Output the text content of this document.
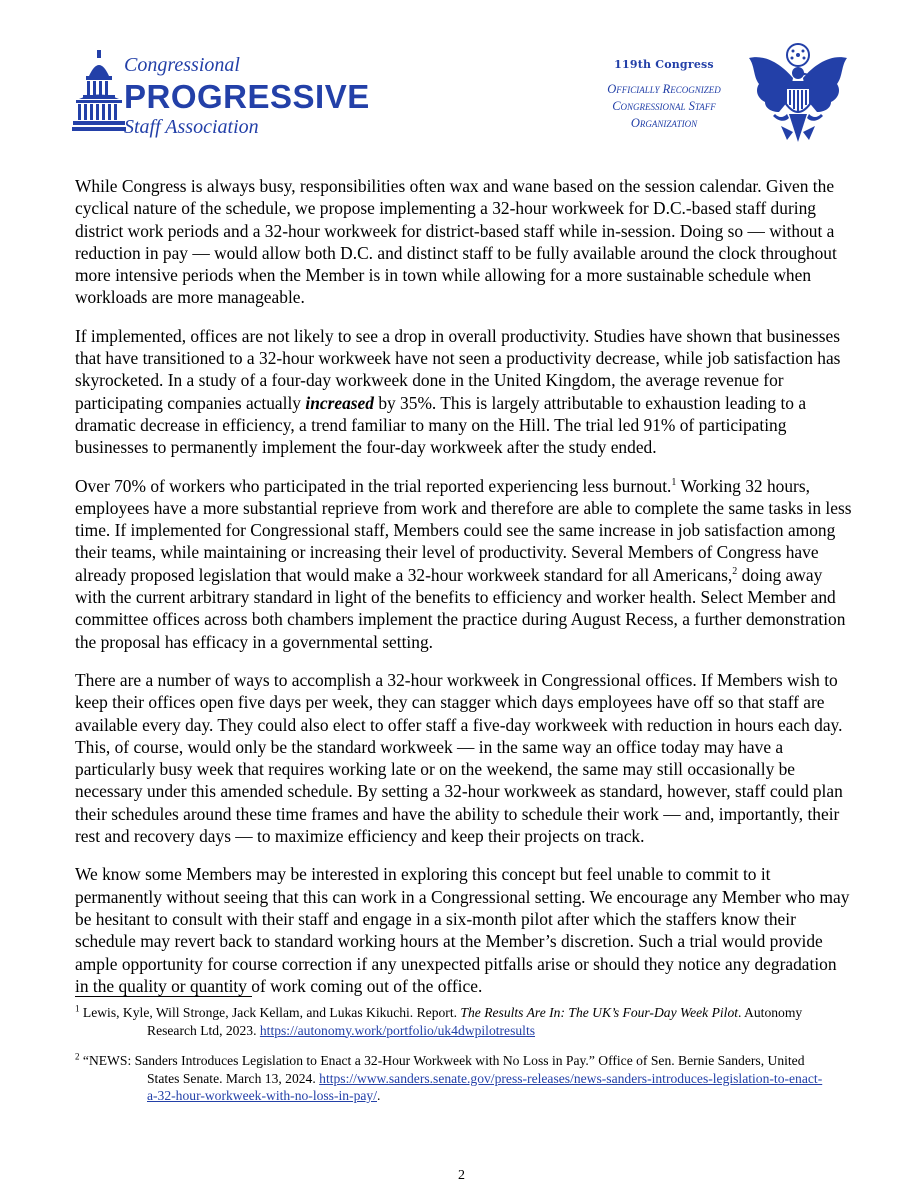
Congressional
PROGRESSIVE
Staff Association
119th Congress
Officially Recognized
Congressional Staff
Organization

While Congress is always busy, responsibilities often wax and wane based on the session calendar. Given the cyclical nature of the schedule, we propose implementing a 32-hour workweek for D.C.-based staff during district work periods and a 32-hour workweek for district-based staff while in-session. Doing so — without a reduction in pay — would allow both D.C. and distinct staff to be fully available around the clock throughout more intensive periods when the Member is in town while allowing for a more sustainable schedule when workloads are more manageable.

If implemented, offices are not likely to see a drop in overall productivity. Studies have shown that businesses that have transitioned to a 32-hour workweek have not seen a productivity decrease, while job satisfaction has skyrocketed. In a study of a four-day workweek done in the United Kingdom, the average revenue for participating companies actually increased by 35%. This is largely attributable to exhaustion leading to a dramatic decrease in efficiency, a trend familiar to many on the Hill. The trial led 91% of participating businesses to permanently implement the four-day workweek after the study ended.

Over 70% of workers who participated in the trial reported experiencing less burnout.$^1$ Working 32 hours, employees have a more substantial reprieve from work and therefore are able to complete the same tasks in less time. If implemented for Congressional staff, Members could see the same increase in job satisfaction among their teams, while maintaining or increasing their level of productivity. Several Members of Congress have already proposed legislation that would make a 32-hour workweek standard for all Americans,$^2$ doing away with the current arbitrary standard in light of the benefits to efficiency and worker health. Select Member and committee offices across both chambers implement the practice during August Recess, a further demonstration the proposal has efficacy in a governmental setting.

There are a number of ways to accomplish a 32-hour workweek in Congressional offices. If Members wish to keep their offices open five days per week, they can stagger which days employees have off so that staff are available every day. They could also elect to offer staff a five-day workweek with reduction in hours each day. This, of course, would only be the standard workweek — in the same way an office today may have a particularly busy week that requires working late or on the weekend, the same may still occasionally be necessary under this amended schedule. By setting a 32-hour workweek as standard, however, staff could plan their schedules around these time frames and have the ability to schedule their work — and, importantly, their rest and recovery days — to maximize efficiency and keep their projects on track.

We know some Members may be interested in exploring this concept but feel unable to commit to it permanently without seeing that this can work in a Congressional setting. We encourage any Member who may be hesitant to consult with their staff and engage in a six-month pilot after which the staffers know their schedule may revert back to standard working hours at the Member’s discretion. Such a trial would provide ample opportunity for course correction if any unexpected pitfalls arise or should they notice any degradation in the quality or quantity of work coming out of the office.

$^1$ Lewis, Kyle, Will Stronge, Jack Kellam, and Lukas Kikuchi. Report. The Results Are In: The UK’s Four-Day Week Pilot. Autonomy Research Ltd, 2023. https://autonomy.work/portfolio/uk4dwpilotresults
$^2$ “NEWS: Sanders Introduces Legislation to Enact a 32-Hour Workweek with No Loss in Pay.” Office of Sen. Bernie Sanders, United States Senate. March 13, 2024. https://www.sanders.senate.gov/press-releases/news-sanders-introduces-legislation-to-enact-a-32-hour-workweek-with-no-loss-in-pay/.
2
